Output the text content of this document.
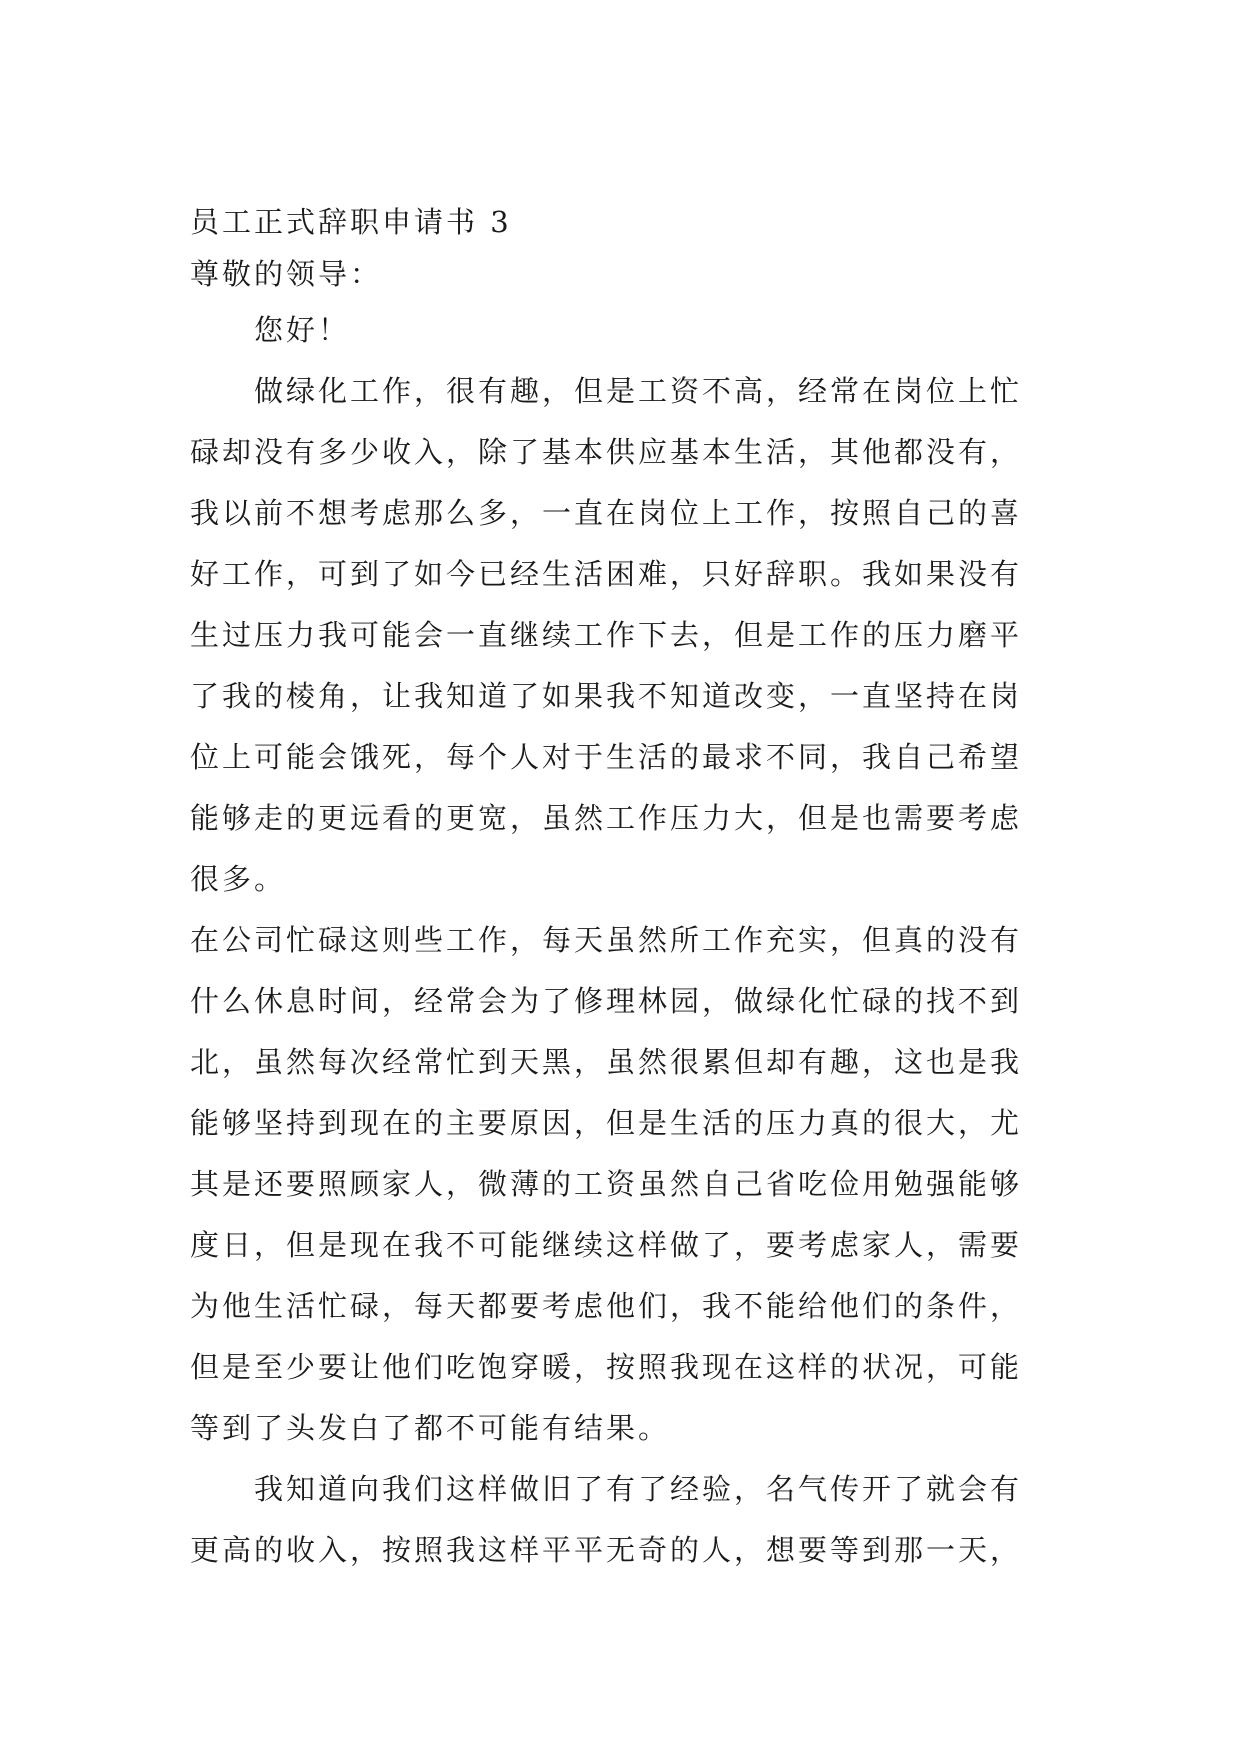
员工正式辞职申请书 3
尊敬的领导：
您好！
做绿化工作，很有趣，但是工资不高，经常在岗位上忙
碌却没有多少收入，除了基本供应基本生活，其他都没有，
我以前不想考虑那么多，一直在岗位上工作，按照自己的喜
好工作，可到了如今已经生活困难，只好辞职。我如果没有
生过压力我可能会一直继续工作下去，但是工作的压力磨平
了我的棱角，让我知道了如果我不知道改变，一直坚持在岗
位上可能会饿死，每个人对于生活的最求不同，我自己希望
能够走的更远看的更宽，虽然工作压力大，但是也需要考虑
很多。
在公司忙碌这则些工作，每天虽然所工作充实，但真的没有
什么休息时间，经常会为了修理林园，做绿化忙碌的找不到
北，虽然每次经常忙到天黑，虽然很累但却有趣，这也是我
能够坚持到现在的主要原因，但是生活的压力真的很大，尤
其是还要照顾家人，微薄的工资虽然自己省吃俭用勉强能够
度日，但是现在我不可能继续这样做了，要考虑家人，需要
为他生活忙碌，每天都要考虑他们，我不能给他们的条件，
但是至少要让他们吃饱穿暖，按照我现在这样的状况，可能
等到了头发白了都不可能有结果。
我知道向我们这样做旧了有了经验，名气传开了就会有
更高的收入，按照我这样平平无奇的人，想要等到那一天，
